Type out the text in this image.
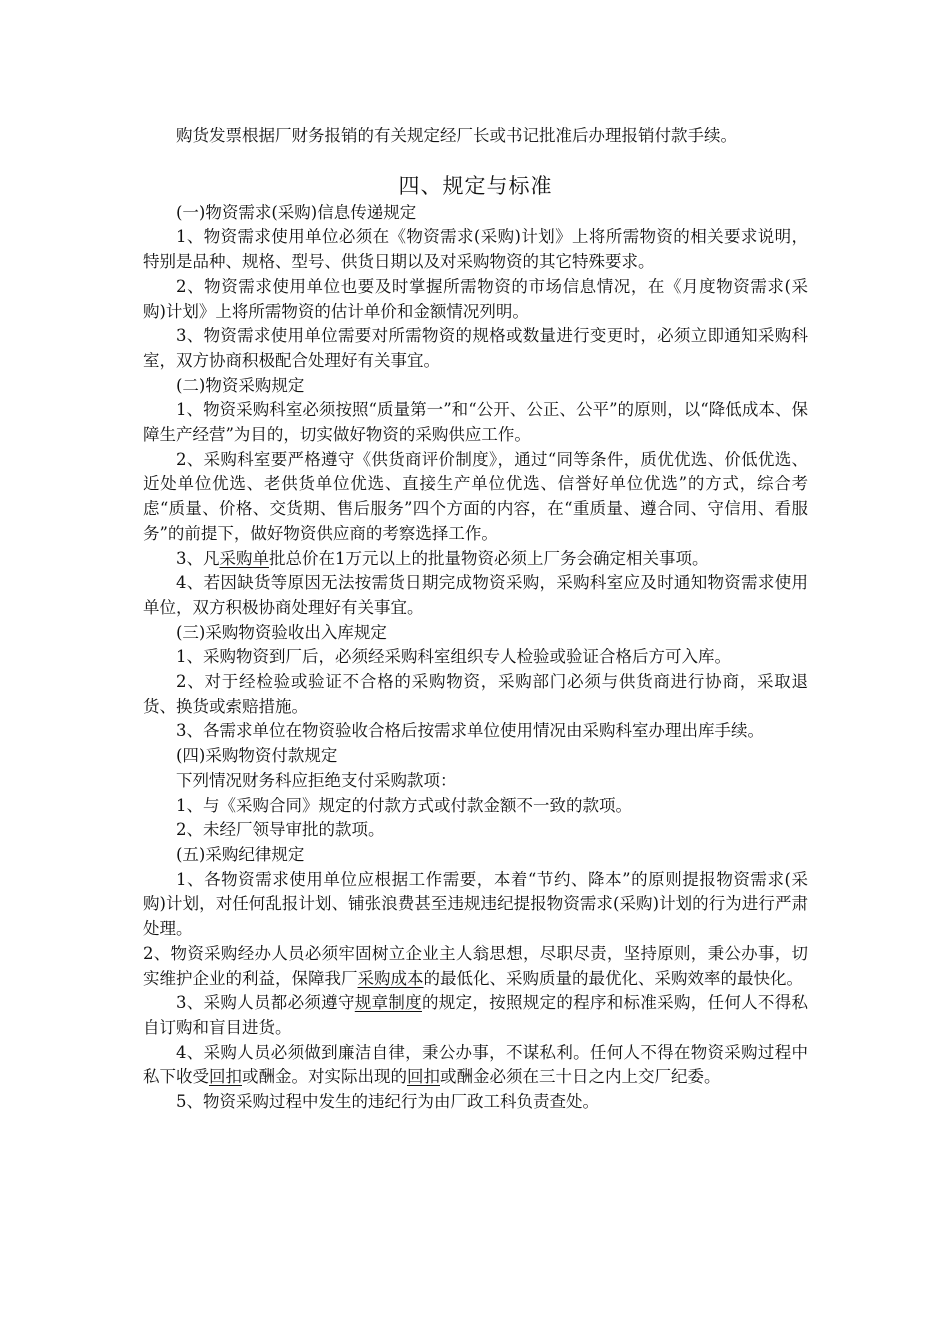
购货发票根据厂财务报销的有关规定经厂长或书记批准后办理报销付款手续。

四、规定与标准

(一)物资需求(采购)信息传递规定

1、物资需求使用单位必须在《物资需求(采购)计划》上将所需物资的相关要求说明，特别是品种、规格、型号、供货日期以及对采购物资的其它特殊要求。

2、物资需求使用单位也要及时掌握所需物资的市场信息情况，在《月度物资需求(采购)计划》上将所需物资的估计单价和金额情况列明。

3、物资需求使用单位需要对所需物资的规格或数量进行变更时，必须立即通知采购科室，双方协商积极配合处理好有关事宜。

(二)物资采购规定

1、物资采购科室必须按照“质量第一”和“公开、公正、公平”的原则，以“降低成本、保障生产经营”为目的，切实做好物资的采购供应工作。

2、采购科室要严格遵守《供货商评价制度》，通过“同等条件，质优优选、价低优选、近处单位优选、老供货单位优选、直接生产单位优选、信誉好单位优选”的方式，综合考虑“质量、价格、交货期、售后服务”四个方面的内容，在“重质量、遵合同、守信用、看服务”的前提下，做好物资供应商的考察选择工作。

3、凡采购单批总价在1万元以上的批量物资必须上厂务会确定相关事项。

4、若因缺货等原因无法按需货日期完成物资采购，采购科室应及时通知物资需求使用单位，双方积极协商处理好有关事宜。

(三)采购物资验收出入库规定

1、采购物资到厂后，必须经采购科室组织专人检验或验证合格后方可入库。

2、对于经检验或验证不合格的采购物资，采购部门必须与供货商进行协商，采取退货、换货或索赔措施。

3、各需求单位在物资验收合格后按需求单位使用情况由采购科室办理出库手续。

(四)采购物资付款规定

下列情况财务科应拒绝支付采购款项：

1、与《采购合同》规定的付款方式或付款金额不一致的款项。

2、未经厂领导审批的款项。

(五)采购纪律规定

1、各物资需求使用单位应根据工作需要，本着“节约、降本”的原则提报物资需求(采购)计划，对任何乱报计划、铺张浪费甚至违规违纪提报物资需求(采购)计划的行为进行严肃处理。

2、物资采购经办人员必须牢固树立企业主人翁思想，尽职尽责，坚持原则，秉公办事，切实维护企业的利益，保障我厂采购成本的最低化、采购质量的最优化、采购效率的最快化。

3、采购人员都必须遵守规章制度的规定，按照规定的程序和标准采购，任何人不得私自订购和盲目进货。

4、采购人员必须做到廉洁自律，秉公办事，不谋私利。任何人不得在物资采购过程中私下收受回扣或酬金。对实际出现的回扣或酬金必须在三十日之内上交厂纪委。

5、物资采购过程中发生的违纪行为由厂政工科负责查处。
